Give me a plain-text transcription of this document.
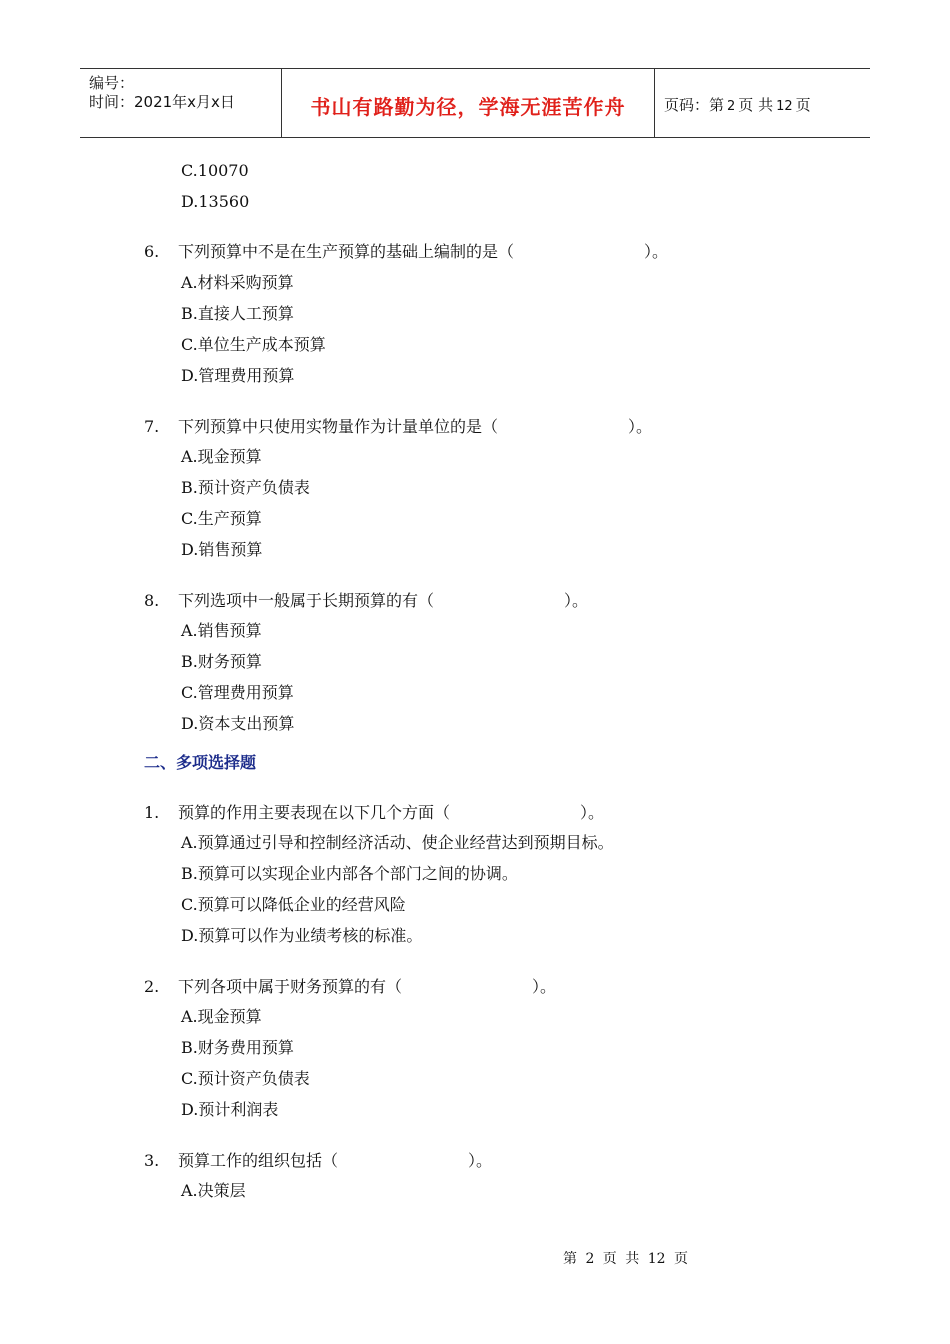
编号：
时间：2021年x月x日	书山有路勤为径，学海无涯苦作舟	页码：第 2 页 共 12 页
C.10070
D.13560
6. 下列预算中不是在生产预算的基础上编制的是（	）。
A.材料采购预算
B.直接人工预算
C.单位生产成本预算
D.管理费用预算
7. 下列预算中只使用实物量作为计量单位的是（	）。
A.现金预算
B.预计资产负债表
C.生产预算
D.销售预算
8. 下列选项中一般属于长期预算的有（	）。
A.销售预算
B.财务预算
C.管理费用预算
D.资本支出预算
二、多项选择题
1. 预算的作用主要表现在以下几个方面（	）。
A.预算通过引导和控制经济活动、使企业经营达到预期目标。
B.预算可以实现企业内部各个部门之间的协调。
C.预算可以降低企业的经营风险
D.预算可以作为业绩考核的标准。
2. 下列各项中属于财务预算的有（	）。
A.现金预算
B.财务费用预算
C.预计资产负债表
D.预计利润表
3. 预算工作的组织包括（	）。
A.决策层
第 2 页 共 12 页
